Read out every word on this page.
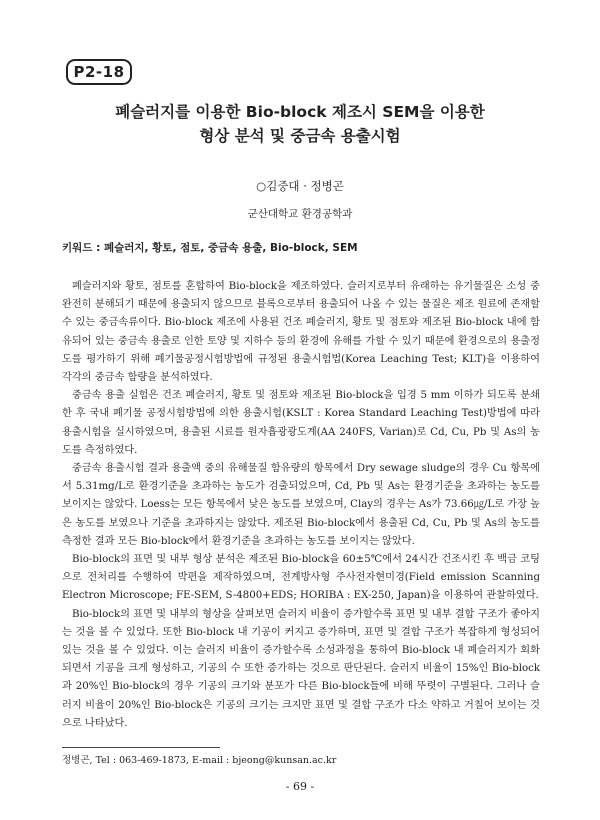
P2-18
폐슬러지를 이용한 Bio-block 제조시 SEM을 이용한
형상 분석 및 중금속 용출시험
○김중대 · 정병곤
군산대학교 환경공학과
키워드 : 폐슬러지, 황토, 점토, 중금속 용출, Bio-block, SEM

폐슬러지와 황토, 점토를 혼합하여 Bio-block을 제조하였다. 슬러지로부터 유래하는 유기물질은 소성 중 완전히 분해되기 때문에 용출되지 않으므로 블록으로부터 용출되어 나올 수 있는 물질은 제조 원료에 존재할 수 있는 중금속류이다. Bio-block 제조에 사용된 건조 폐슬러지, 황토 및 점토와 제조된 Bio-block 내에 함유되어 있는 중금속 용출로 인한 토양 및 지하수 등의 환경에 유해를 가할 수 있기 때문에 환경으로의 용출정도를 평가하기 위해 폐기물공정시험방법에 규정된 용출시험법(Korea Leaching Test; KLT)을 이용하여 각각의 중금속 함량을 분석하였다.

중금속 용출 실험은 건조 폐슬러지, 황토 및 점토와 제조된 Bio-block을 입경 5 mm 이하가 되도록 분쇄한 후 국내 폐기물 공정시험방법에 의한 용출시험(KSLT : Korea Standard Leaching Test)방법에 따라 용출시험을 실시하였으며, 용출된 시료를 원자흡광광도계(AA 240FS, Varian)로 Cd, Cu, Pb 및 As의 농도를 측정하였다.

중금속 용출시험 결과 용출액 중의 유해물질 함유량의 항목에서 Dry sewage sludge의 경우 Cu 항목에서 5.31mg/L로 환경기준을 초과하는 농도가 검출되었으며, Cd, Pb 및 As는 환경기준을 초과하는 농도를 보이지는 않았다. Loess는 모든 항목에서 낮은 농도를 보였으며, Clay의 경우는 As가 73.66㎍/L로 가장 높은 농도를 보였으나 기준을 초과하지는 않았다. 제조된 Bio-block에서 용출된 Cd, Cu, Pb 및 As의 농도를 측정한 결과 모든 Bio-block에서 환경기준을 초과하는 농도를 보이지는 않았다.

Bio-block의 표면 및 내부 형상 분석은 제조된 Bio-block을 60±5℃에서 24시간 건조시킨 후 백금 코팅으로 전처리를 수행하여 박편을 제작하였으며, 전계방사형 주사전자현미경(Field emission Scanning Electron Microscope; FE-SEM, S-4800+EDS; HORIBA : EX-250, Japan)을 이용하여 관찰하였다.

Bio-block의 표면 및 내부의 형상을 살펴보면 슬러지 비율이 증가할수록 표면 및 내부 결합 구조가 좋아지는 것을 볼 수 있었다. 또한 Bio-block 내 기공이 커지고 증가하며, 표면 및 결합 구조가 복잡하게 형성되어 있는 것을 볼 수 있었다. 이는 슬러지 비율이 증가할수록 소성과정을 통하여 Bio-block 내 폐슬러지가 회화되면서 기공을 크게 형성하고, 기공의 수 또한 증가하는 것으로 판단된다. 슬러지 비율이 15%인 Bio-block과 20%인 Bio-block의 경우 기공의 크기와 분포가 다른 Bio-block들에 비해 뚜렷이 구별된다. 그러나 슬러지 비율이 20%인 Bio-block은 기공의 크기는 크지만 표면 및 결합 구조가 다소 약하고 거칠어 보이는 것으로 나타났다.

정병곤, Tel : 063-469-1873, E-mail : bjeong@kunsan.ac.kr
- 69 -
